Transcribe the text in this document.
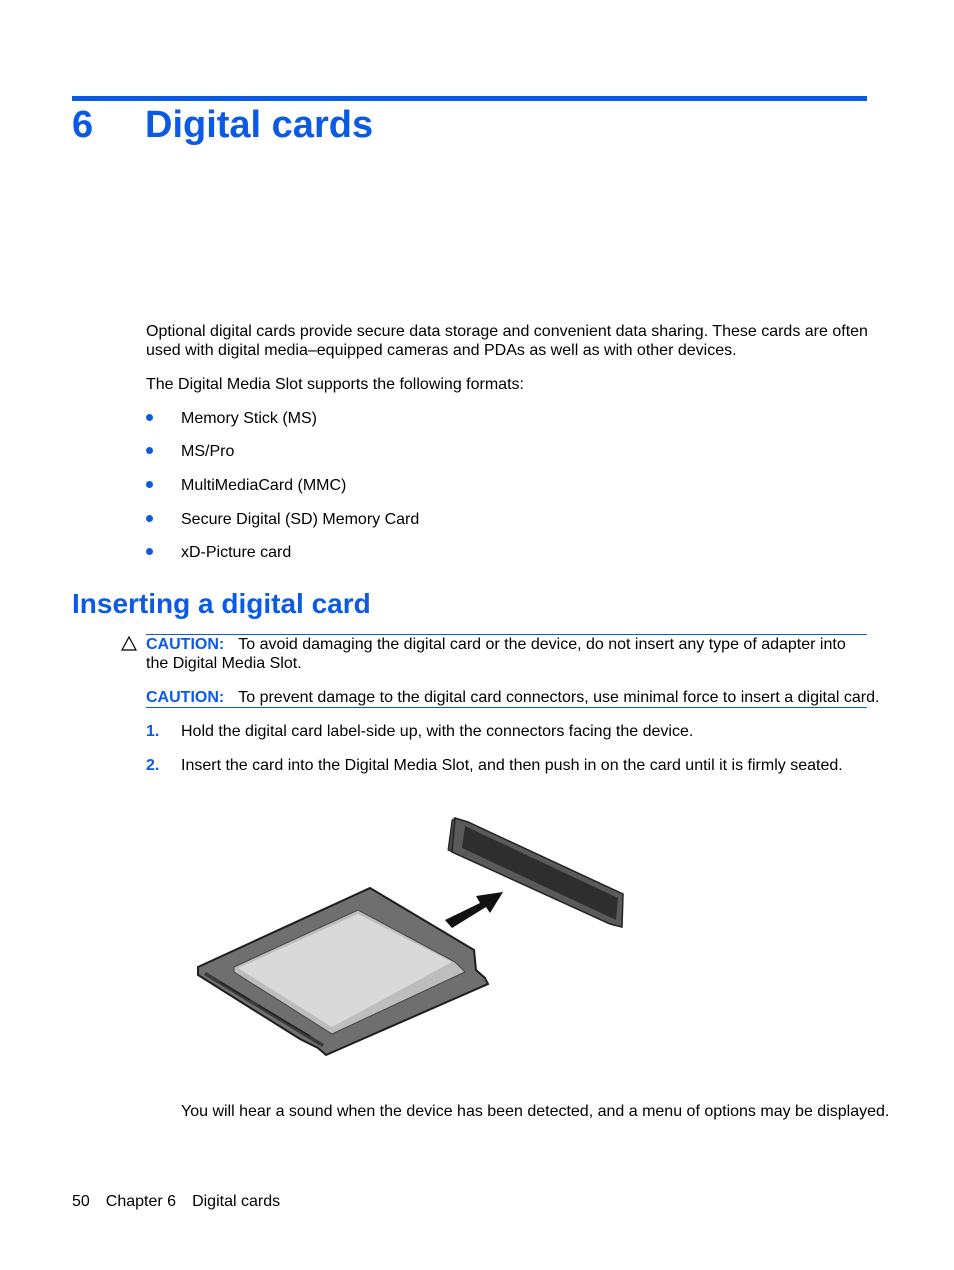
6 Digital cards
Optional digital cards provide secure data storage and convenient data sharing. These cards are often used with digital media–equipped cameras and PDAs as well as with other devices.
The Digital Media Slot supports the following formats:
Memory Stick (MS)
MS/Pro
MultiMediaCard (MMC)
Secure Digital (SD) Memory Card
xD-Picture card
Inserting a digital card
CAUTION: To avoid damaging the digital card or the device, do not insert any type of adapter into the Digital Media Slot.
CAUTION: To prevent damage to the digital card connectors, use minimal force to insert a digital card.
1. Hold the digital card label-side up, with the connectors facing the device.
2. Insert the card into the Digital Media Slot, and then push in on the card until it is firmly seated.
You will hear a sound when the device has been detected, and a menu of options may be displayed.
50 Chapter 6 Digital cards
